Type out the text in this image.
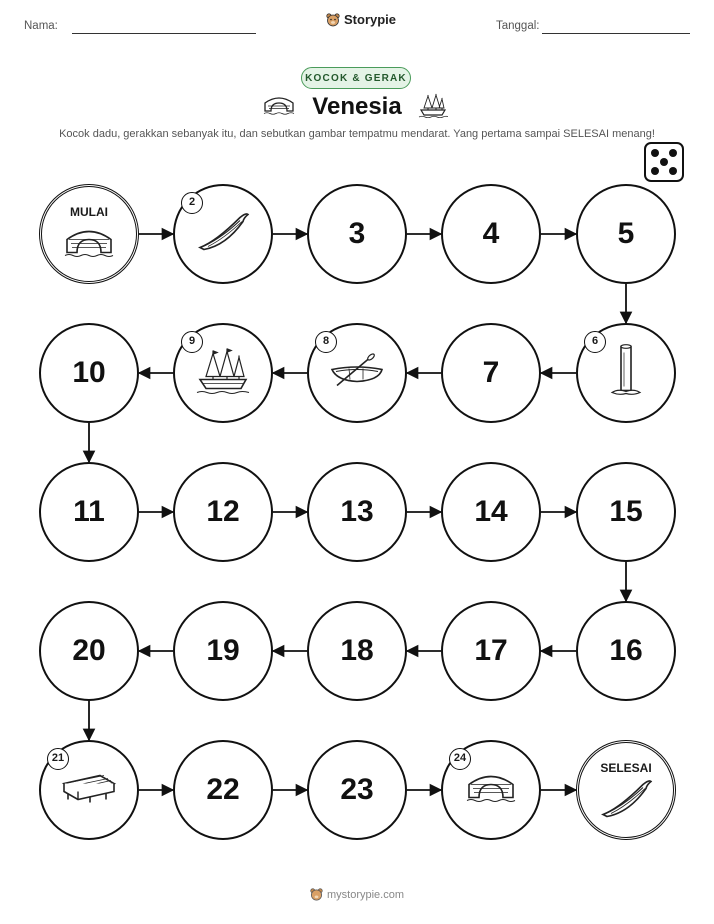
Nama:	Storypie	Tanggal:
KOCOK & GERAK
Venesia
Kocok dadu, gerakkan sebanyak itu, dan sebutkan gambar tempatmu mendarat. Yang pertama sampai SELESAI menang!
MULAI
2
3	4	5
6
7
8
9
10
11	12	13	14	15
16
17
18
19
20
21
22	23
24
SELESAI
mystorypie.com
